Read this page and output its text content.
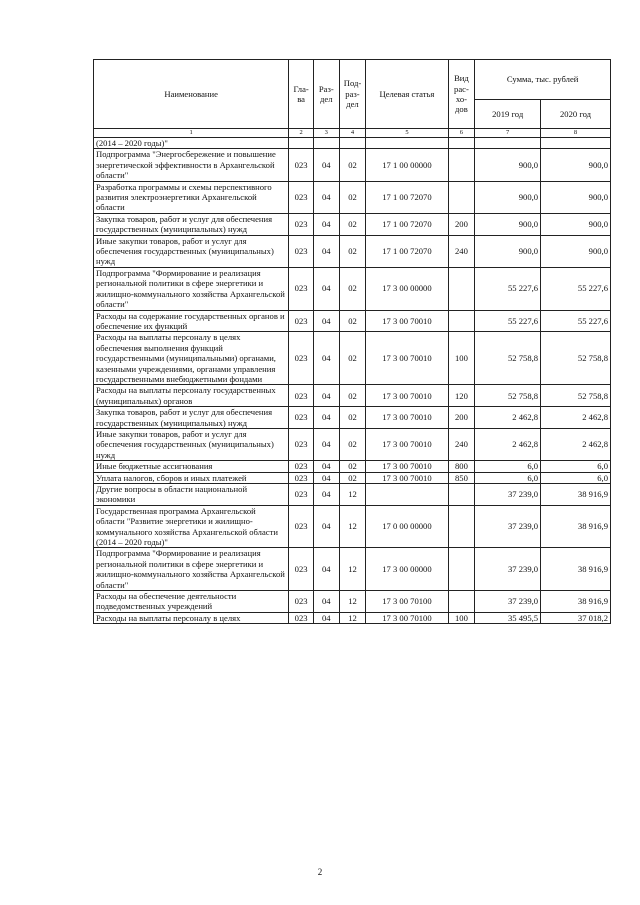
Наименование	Гла-ва	Раз-дел	Под-раз-дел	Целевая статья	Вид рас-хо-дов	Сумма, тыс. рублей	
						2019 год	2020 год
1	2	3	4	5	6	7	8
(2014 – 2020 годы)"							
Подпрограмма "Энергосбережение и повышение энергетической эффективности в Архангельской области"	023	04	02	17 1 00 00000		900,0	900,0
Разработка программы и схемы перспективного развития электроэнергетики Архангельской области	023	04	02	17 1 00 72070		900,0	900,0
Закупка товаров, работ и услуг для обеспечения государственных (муниципальных) нужд	023	04	02	17 1 00 72070	200	900,0	900,0
Иные закупки товаров, работ и услуг для обеспечения государственных (муниципальных) нужд	023	04	02	17 1 00 72070	240	900,0	900,0
Подпрограмма "Формирование и реализация региональной политики в сфере энергетики и жилищно-коммунального хозяйства Архангельской области"	023	04	02	17 3 00 00000		55 227,6	55 227,6
Расходы на содержание государственных органов и обеспечение их функций	023	04	02	17 3 00 70010		55 227,6	55 227,6
Расходы на выплаты персоналу в целях обеспечения выполнения функций государственными (муниципальными) органами, казенными учреждениями, органами управления государственными внебюджетными фондами	023	04	02	17 3 00 70010	100	52 758,8	52 758,8
Расходы на выплаты персоналу государственных (муниципальных) органов	023	04	02	17 3 00 70010	120	52 758,8	52 758,8
Закупка товаров, работ и услуг для обеспечения государственных (муниципальных) нужд	023	04	02	17 3 00 70010	200	2 462,8	2 462,8
Иные закупки товаров, работ и услуг для обеспечения государственных (муниципальных) нужд	023	04	02	17 3 00 70010	240	2 462,8	2 462,8
Иные бюджетные ассигнования	023	04	02	17 3 00 70010	800	6,0	6,0
Уплата налогов, сборов и иных платежей	023	04	02	17 3 00 70010	850	6,0	6,0
Другие вопросы в области национальной экономики	023	04	12			37 239,0	38 916,9
Государственная программа Архангельской области "Развитие энергетики и жилищно-коммунального хозяйства Архангельской области (2014 – 2020 годы)"	023	04	12	17 0 00 00000		37 239,0	38 916,9
Подпрограмма "Формирование и реализация региональной политики в сфере энергетики и жилищно-коммунального хозяйства Архангельской области"	023	04	12	17 3 00 00000		37 239,0	38 916,9
Расходы на обеспечение деятельности подведомственных учреждений	023	04	12	17 3 00 70100		37 239,0	38 916,9
Расходы на выплаты персоналу в целях	023	04	12	17 3 00 70100	100	35 495,5	37 018,2
2
